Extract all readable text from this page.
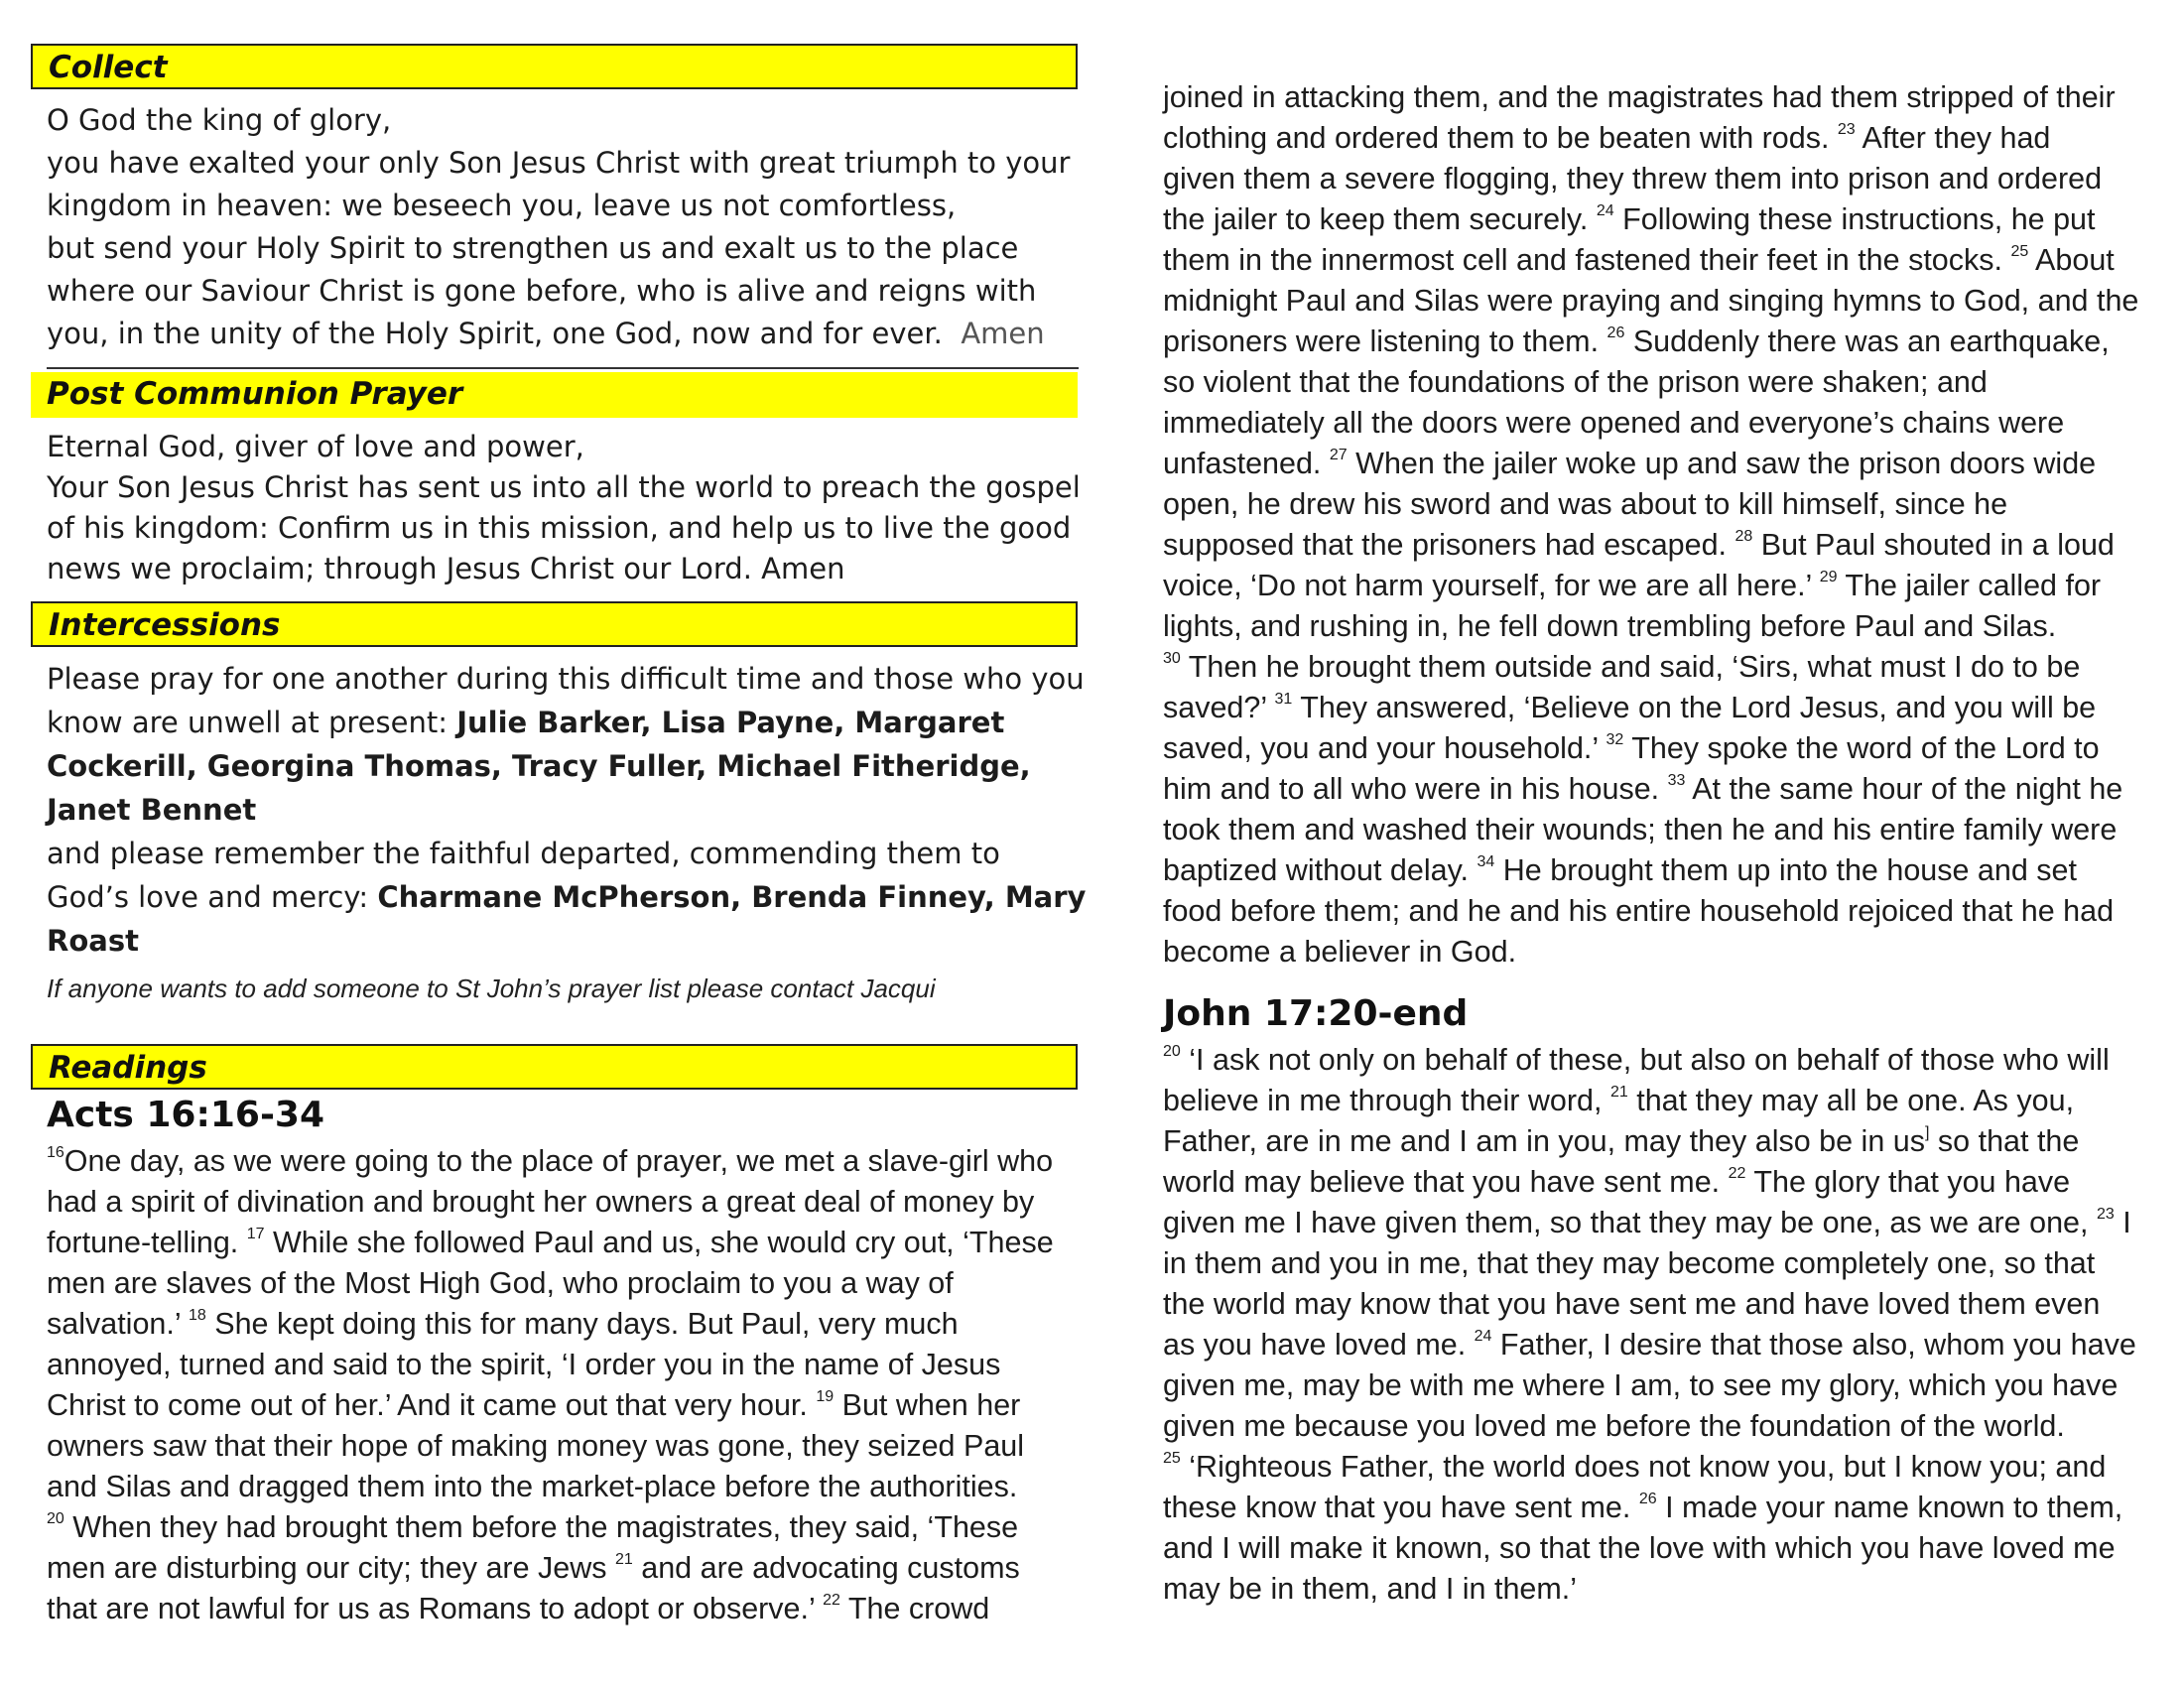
Collect
O God the king of glory,
you have exalted your only Son Jesus Christ with great triumph to your
kingdom in heaven: we beseech you, leave us not comfortless,
but send your Holy Spirit to strengthen us and exalt us to the place
where our Saviour Christ is gone before, who is alive and reigns with
you, in the unity of the Holy Spirit, one God, now and for ever. Amen
Post Communion Prayer
Eternal God, giver of love and power,
Your Son Jesus Christ has sent us into all the world to preach the gospel
of his kingdom: Confirm us in this mission, and help us to live the good
news we proclaim; through Jesus Christ our Lord. Amen
Intercessions
Please pray for one another during this difficult time and those who you
know are unwell at present: Julie Barker, Lisa Payne, Margaret
Cockerill, Georgina Thomas, Tracy Fuller, Michael Fitheridge,
Janet Bennet
and please remember the faithful departed, commending them to
God’s love and mercy: Charmane McPherson, Brenda Finney, Mary
Roast
If anyone wants to add someone to St John’s prayer list please contact Jacqui
Readings
Acts 16:16-34
$^{16}$One day, as we were going to the place of prayer, we met a slave-girl who
had a spirit of divination and brought her owners a great deal of money by
fortune-telling. $^{17}$ While she followed Paul and us, she would cry out, ‘These
men are slaves of the Most High God, who proclaim to you a way of
salvation.’ $^{18}$ She kept doing this for many days. But Paul, very much
annoyed, turned and said to the spirit, ‘I order you in the name of Jesus
Christ to come out of her.’ And it came out that very hour. $^{19}$ But when her
owners saw that their hope of making money was gone, they seized Paul
and Silas and dragged them into the market-place before the authorities.
$^{20}$ When they had brought them before the magistrates, they said, ‘These
men are disturbing our city; they are Jews $^{21}$ and are advocating customs
that are not lawful for us as Romans to adopt or observe.’ $^{22}$ The crowd
joined in attacking them, and the magistrates had them stripped of their
clothing and ordered them to be beaten with rods. $^{23}$ After they had
given them a severe flogging, they threw them into prison and ordered
the jailer to keep them securely. $^{24}$ Following these instructions, he put
them in the innermost cell and fastened their feet in the stocks. $^{25}$ About
midnight Paul and Silas were praying and singing hymns to God, and the
prisoners were listening to them. $^{26}$ Suddenly there was an earthquake,
so violent that the foundations of the prison were shaken; and
immediately all the doors were opened and everyone’s chains were
unfastened. $^{27}$ When the jailer woke up and saw the prison doors wide
open, he drew his sword and was about to kill himself, since he
supposed that the prisoners had escaped. $^{28}$ But Paul shouted in a loud
voice, ‘Do not harm yourself, for we are all here.’ $^{29}$ The jailer called for
lights, and rushing in, he fell down trembling before Paul and Silas.
$^{30}$ Then he brought them outside and said, ‘Sirs, what must I do to be
saved?’ $^{31}$ They answered, ‘Believe on the Lord Jesus, and you will be
saved, you and your household.’ $^{32}$ They spoke the word of the Lord to
him and to all who were in his house. $^{33}$ At the same hour of the night he
took them and washed their wounds; then he and his entire family were
baptized without delay. $^{34}$ He brought them up into the house and set
food before them; and he and his entire household rejoiced that he had
become a believer in God.
John 17:20-end
$^{20}$ ‘I ask not only on behalf of these, but also on behalf of those who will
believe in me through their word, $^{21}$ that they may all be one. As you,
Father, are in me and I am in you, may they also be in us] so that the
world may believe that you have sent me. $^{22}$ The glory that you have
given me I have given them, so that they may be one, as we are one, $^{23}$ I
in them and you in me, that they may become completely one, so that
the world may know that you have sent me and have loved them even
as you have loved me. $^{24}$ Father, I desire that those also, whom you have
given me, may be with me where I am, to see my glory, which you have
given me because you loved me before the foundation of the world.
$^{25}$ ‘Righteous Father, the world does not know you, but I know you; and
these know that you have sent me. $^{26}$ I made your name known to them,
and I will make it known, so that the love with which you have loved me
may be in them, and I in them.’
